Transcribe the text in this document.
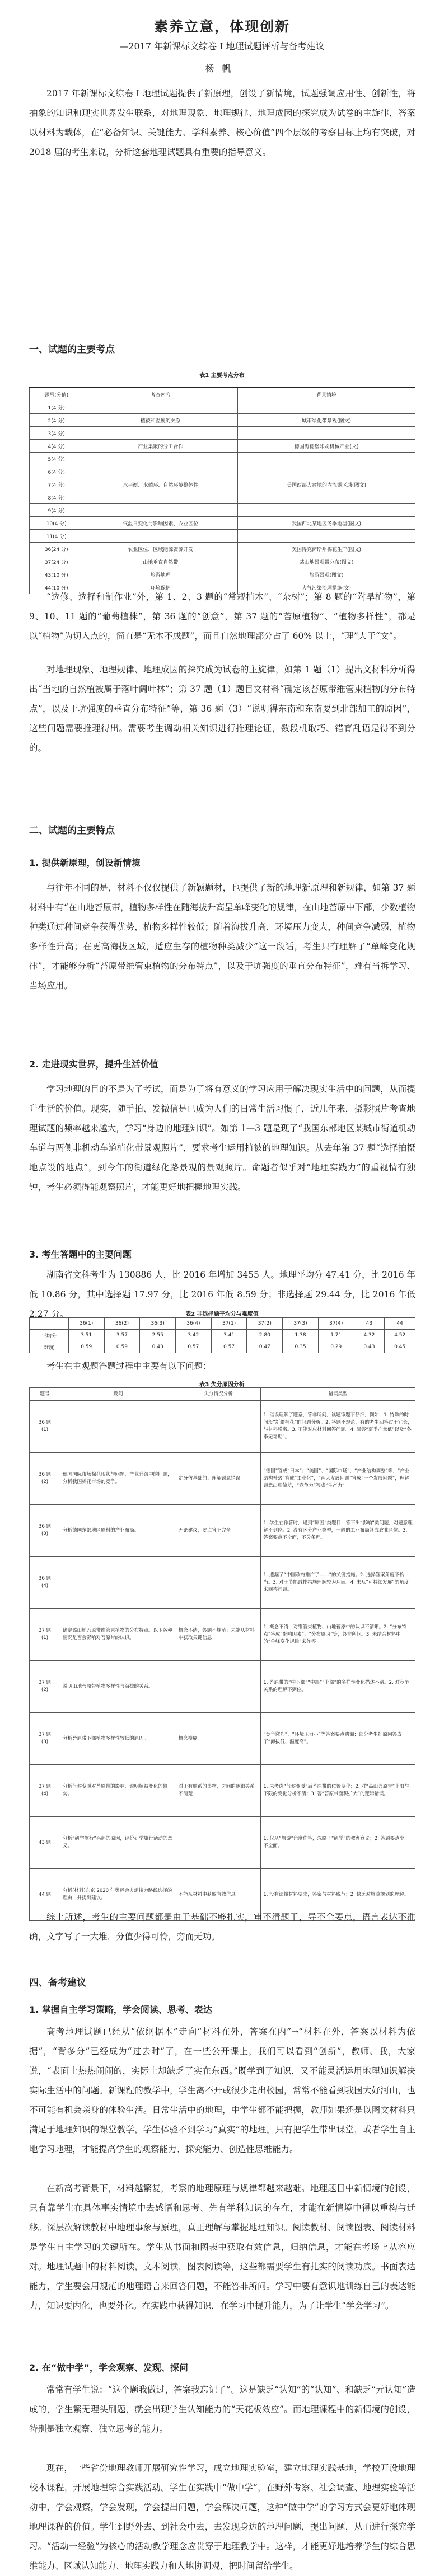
素养立意，体现创新
—2017 年新课标文综卷 Ⅰ 地理试题评析与备考建议
杨帆

2017 年新课标文综卷 Ⅰ 地理试题提供了新原理，创设了新情境，试题强调应用性、创新性，将抽象的知识和现实世界发生联系，对地理现象、地理规律、地理成因的探究成为试卷的主旋律，答案以材料为载体，在“必备知识、关键能力、学科素养、核心价值”四个层级的考察目标上均有突破，对 2018 届的考生来说，分析这套地理试题具有重要的指导意义。

一、试题的主要考点
表1 主要考点分布
题号(分值)	考查内容	背景情境
1(4 分)		
2(4 分)	植被和温度的关系	城市绿化带景观(图文)
3(4 分)		
4(4 分)	产业集聚的分工合作	德国海德堡印刷机械产业(文)
5(4 分)		
6(4 分)		
7(4 分)	水平衡、水循环、自然环境整体性	美国西部大盆地的内流湖区域(图文)
8(4 分)		
9(4 分)		
10(4 分)	气温日变化与影响因素、农业区位	我国西北某地区冬季地温(图文)
11(4 分)		
36(24 分)	农业区位、区域能源资源开发	美国得克萨斯州棉花生产(图文)
37(24 分)	山地垂直自然带	某山地景观带分布(图文)
43(10 分)	旅游地理	旅游景观(图文)
44(10 分)	环境保护	大气污染治理措施(文)

“选修、选择和制作业”外，第 1、2、3 题的“常规植木”、“杂树”；第 8 题的“附旱植物”，第 9、10、11 题的“葡萄植株”，第 36 题的“创意”，第 37 题的“苔原植物”、“植物多样性”，都是以“植物”为切入点的，简直是“无木不成题”，而且自然地理部分占了 60% 以上，“理”大于“文”。

对地理现象、地理规律、地理成因的探究成为试卷的主旋律，如第 1 题（1）提出文材料分析得出“当地的自然植被属于落叶阔叶林”；第 37 题（1）题目文材料“确定该苔原带维管束植物的分布特点”，以及于坑强度的垂直分布特征”等，第 36 题（3）“说明得东南和东南要到北部加工的原因”，这些问题需要推理得出。需要考生调动相关知识进行推理论证，数段机取巧、错育乱语是得不到分的。

二、试题的主要特点
1. 提供新原理，创设新情境

与往年不同的是，材料不仅仅提供了新颖题材，也提供了新的地理新原理和新规律，如第 37 题材料中有“在山地苔原带，植物多样性在随海拔升高呈单峰变化的规律，在山地苔原中下部，少数植物种类通过种间竞争获得优势，植物多样性较低；随着海拔升高，环境压力变大，种间竞争减弱，植物多样性升高；在更高海拔区域，适应生存的植物种类减少”这一段话，考生只有理解了“单峰变化规律”，才能够分析“苔原带维管束植物的分布特点”，以及于坑强度的垂直分布特征”，难有当拆学习、当场应用。

2. 走进现实世界，提升生活价值

学习地理的目的不是为了考试，而是为了将有意义的学习应用于解决现实生活中的问题，从而提升生活的价值。现实，随手拍、发微信是已成为人们的日常生活习惯了，近几年来，摄影照片考查地理试题的频率越来越大，学习“身边的地理知识”。如第 1—3 题是现了“我国东部地区某城市街道机动车道与两侧非机动车道植化带景观照片”，要求考生运用植被的地理知识。从去年第 37 题“选择拍摄地点设的地点”，到今年的街道绿化路景观的景观照片。命题者似乎对“地理实践力”的重视情有独钟，考生必须得能观察照片，才能更好地把握地理实践。

3. 考生答题中的主要问题

湖南省文科考生为 130886 人，比 2016 年增加 3455 人。地理平均分 47.41 分，比 2016 年低 10.86 分，其中选择题 17.97 分，比 2016 年低 8.59 分；非选择题 29.44 分，比 2016 年低 2.27 分。	表2 非选择题平均分与难度值
	36(1)	36(2)	36(3)	36(4)	37(1)	37(2)	37(3)	37(4)	43	44
平均分	3.51	3.57	2.55	3.42	3.41	2.80	1.38	1.71	4.32	4.52
难度	0.59	0.59	0.43	0.57	0.57	0.47	0.35	0.29	0.43	0.45

考生在主观题答题过程中主要有以下问题：

表3 失分原因分析
题号	设问	失分情况分析	错误类型
36 题
(1)			1. 错误理解了题意，答非所问，读题审题不仔细，例如：1. 特殊的时间段“新疆棉花”的问题分析。2. 答题不规范，有的考生回答过于冗长，与材料脱离。3. 不能对应材料回答问题。4. 漏答“夏季产量低”以及“冬季无霜期”。
36 题
(2)	德国国际市场棉花现状与问题，产业升级中的问题，分析我国棉花市场的竞争。	定务仿基础的；理解题意错误	“德国”答成“日本”、“美国”、“国际市场”、“产业结构调整”等，“产业结构升级”答成“工业化”，“两大发展问题”答成“一个发展问题”，理解题意出现偏差，“竞争力”答成“生产力”
36 题
(3)	分析德国东部地区原料的产业布局。	无论建议，要点答不完全	1. 学生在作答时，遇到“原因”类题目，答不出“影响”类问题，对题意理解不到位。2. 没有区分产业类型，一般的工业布局答成农业区位。3. 答案要点不全面，不分条理。
36 题
(4)			1. 遗漏了“中国政府推广了……”的关键措施。2. 选择答案角度不恰当。3. 对于节能减排措施理解较为片面。4. 未从“可持续发展”的角度来回答问题。
37 题
(1)	确定该山地苔原带维管束植物的分布特点。以下各种情况是否会影响对苔原带的认识。	概念不清，答题不规范；未能从材料中获取关键信息	1. 概念不清，对维管束植物、山地苔原带的认识不清晰。2. “分布特点”答成“影响因素”、“分布原因”等，答非所问。3. 未结合材料中的“单峰变化规律”来作答。
37 题
(2)	说明山地苔原带植物多样性与海拔的关系。		1. 苔原带的“中下部”“中部”“上部”的多样性变化描述不清。2. 对竞争关系的理解不到位。
37 题
(3)	分析苔原带下部植物多样性较低的原因。	概念模糊	“竞争激烈”、“环境压力小”等答案要点遗漏；部分考生把原因答成了“海拔低、温度高”。
37 题
(4)	分析气候变暖对苔原带的影响，说明植被变化的趋势。	对于有联系的事物，之间的逻辑关系不清楚	1. 未考虑“气候变暖”后苔原带的位置变化；2. 对“高山苔原带”上限与下限的变化分析不清；3. 答“苔原带面积扩大”的逻辑错误。
43 题	分析“研学旅行”兴起的原因，评价研学旅行活动的意义。		1. 仅从“旅游”角度作答，忽略了“研学”的教育意义；2. 答题要点少，不全面。
44 题	分析(材料)东京 2020 年奥运会火炬接力路线选择的理由，并提出建议。	不能从材料中获取有效信息	1. 没有读懂材料要求，答案与材料脱节；2. 缺乏对旅游规划的理解。

综上所述，考生的主要问题都是由于基础不够扎实，审不清题干，导不全要点，语言表达不准确，文字写了一大堆，分值少得可怜，旁而无功。

四、备考建议
1. 掌握自主学习策略，学会阅读、思考、表达

高考地理试题已经从“依纲据本”走向“材料在外，答案在内”→“材料在外，答案以材料为依据”，“背多分”已经成为“过去时”了，在一些公开课上，我们可以看到“创新”，教师、我，大家说，“表面上热热闹闹的，实际上却缺乏了实在东西。”既学到了知识，又不能灵活运用地理知识解决实际生活中的问题。新课程的教学中，学生离不开或很少走出校园，常常不能看到我国大好河山，也不可能有机会亲身的体验生活。日常生活中的地理，中学生都不能把握，教师如果还是以图文材料只满足于地理知识的课堂教学，学生体验不到学习“真实”的地理。只有把学生带出课堂，或者学生自主地学习地理，才能提高学生的观察能力、探究能力、创造性思维能力。

在新高考背景下，材料越繁复，考察的地理原理与规律都越来越难。地理题目中新情境的创设，只有靠学生在具体事实情境中去感悟和思考、先有学科知识的存在，才能在新情境中得以重构与迁移。深层次解读教材中地理事象与原理，真正理解与掌握地理知识。阅读教材、阅读图表、阅读材料是学生自主学习的关键所在。学生从书面和图表中获取有效信息，归纳信息，才能在考场上从容应对。地理试题中的材料阅读，文本阅读，图表阅读等，这些都需要学生有扎实的阅读功底。书面表达能力，学生要会用规范的地理语言来回答问题，不能答非所问。学习中要有意识地训练自己的表达能力，知识要内化，也要外化。在实践中获得知识，在学习中提升能力，为了让学生“学会学习”。

2. 在“做中学”，学会观察、发现、探问

常常有学生说：“这个题我做过，答案我忘记了”。这是缺乏“认知”的“认知”、和缺乏“元认知”造成的，学生繁无理头刷题，就会出现学生认知能力的“天花板效应”。而地理课程中的新情境的创设，特别是独立观察、独立思考的能力。

现在，一些省份地理教师开展研究性学习，成立地理实验室，建立地理实践基地，学校开设地理校本课程，开展地理综合实践活动。学生在实践中“做中学”，在野外考察、社会调查、地理实验等活动中，学会观察，学会发现，学会提出问题，学会解决问题，这种“做中学”的学习方式会更好地体现地理课程的价值。学生到野外去、到社会中去，去发现身边的地理问题，提出问题，从而进行探究学习。“活动一经验”为核心的活动教学理念应贯穿于地理教学中。这样，才能更好地培养学生的综合思维能力、区域认知能力、地理实践力和人地协调观，把时间留给学生。
